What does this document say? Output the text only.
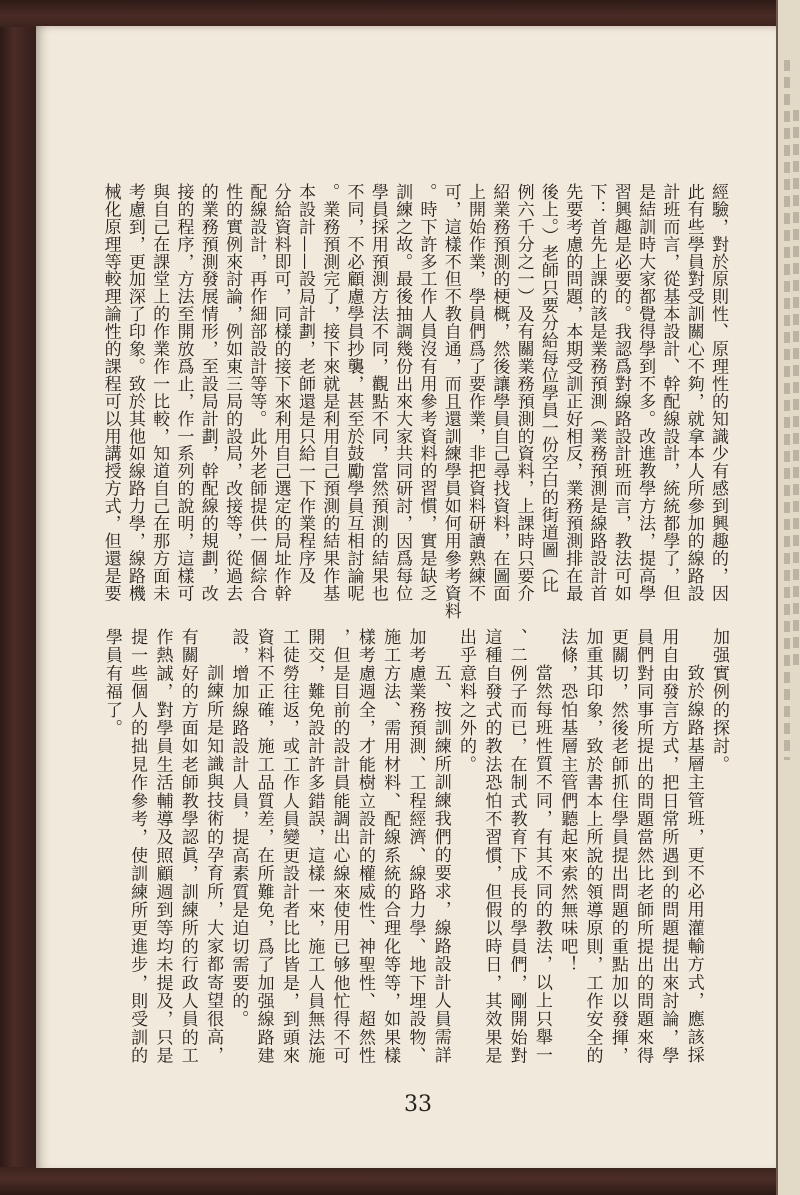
經驗，對於原則性、原理性的知識少有感到興趣的，因
此有些學員對受訓關心不夠，就拿本人所參加的線路設
計班而言，從基本設計、幹配線設計，統統都學了，但
是結訓時大家都覺得學到不多。改進教學方法，提高學
習興趣是必要的。我認爲對線路設計班而言，教法可如
下：首先上課的該是業務預測（業務預測是線路設計首
先要考慮的問題，本期受訓正好相反，業務預測排在最
後上。）老師只要分給每位學員一份空白的街道圖（比
例六千分之一）及有關業務預測的資料，上課時只要介
紹業務預測的梗概，然後讓學員自己尋找資料，在圖面
上開始作業，學員們爲了要作業，非把資料研讀熟練不
可，這樣不但不教自通，而且還訓練學員如何用參考資料
。時下許多工作人員沒有用參考資料的習慣，實是缺乏
訓練之故。最後抽調幾份出來大家共同研討，因爲每位
學員採用預測方法不同，觀點不同，當然預測的結果也
不同，不必顧慮學員抄襲，甚至於鼓勵學員互相討論呢
。業務預測完了，接下來就是利用自己預測的結果作基
本設計——設局計劃，老師還是只給一下作業程序及
分給資料即可，同樣的接下來利用自己選定的局址作幹
配線設計，再作細部設計等等。此外老師提供一個綜合
性的實例來討論，例如東三局的設局，改接等，從過去
的業務預測發展情形，至設局計劃，幹配線的規劃，改
接的程序，方法至開放爲止，作一系列的說明，這樣可
與自己在課堂上的作業作一比較，知道自己在那方面未
考慮到，更加深了印象。致於其他如線路力學，線路機
械化原理等較理論性的課程可以用講授方式，但還是要
加强實例的探討。
致於線路基層主管班，更不必用灌輸方式，應該採
用自由發言方式，把日常所遇到的問題提出來討論，學
員們對同事所提出的問題當然比老師所提出的問題來得
更關切，然後老師抓住學員提出問題的重點加以發揮，
加重其印象，致於書本上所說的領導原則，工作安全的
法條，恐怕基層主管們聽起來索然無味吧！
當然每班性質不同，有其不同的教法，以上只舉一
、二例子而已，在制式教育下成長的學員們，剛開始對
這種自發式的教法恐怕不習慣，但假以時日，其效果是
出乎意料之外的。
五、按訓練所訓練我們的要求，線路設計人員需詳
加考慮業務預測、工程經濟、線路力學、地下埋設物、
施工方法、需用材料、配線系統的合理化等等，如果樣
樣考慮週全，才能樹立設計的權威性、神聖性、超然性
，但是目前的設計員能調出心線來使用已够他忙得不可
開交，難免設計許多錯誤，這樣一來，施工人員無法施
工徒勞往返，或工作人員變更設計者比比皆是，到頭來
資料不正確，施工品質差，在所難免，爲了加强線路建
設，增加線路設計人員，提高素質是迫切需要的。
訓練所是知識與技術的孕育所，大家都寄望很高，
有關好的方面如老師教學認眞，訓練所的行政人員的工
作熱誠，對學員生活輔導及照顧週到等均未提及，只是
提一些個人的拙見作參考，使訓練所更進步，則受訓的
學員有福了。
33
